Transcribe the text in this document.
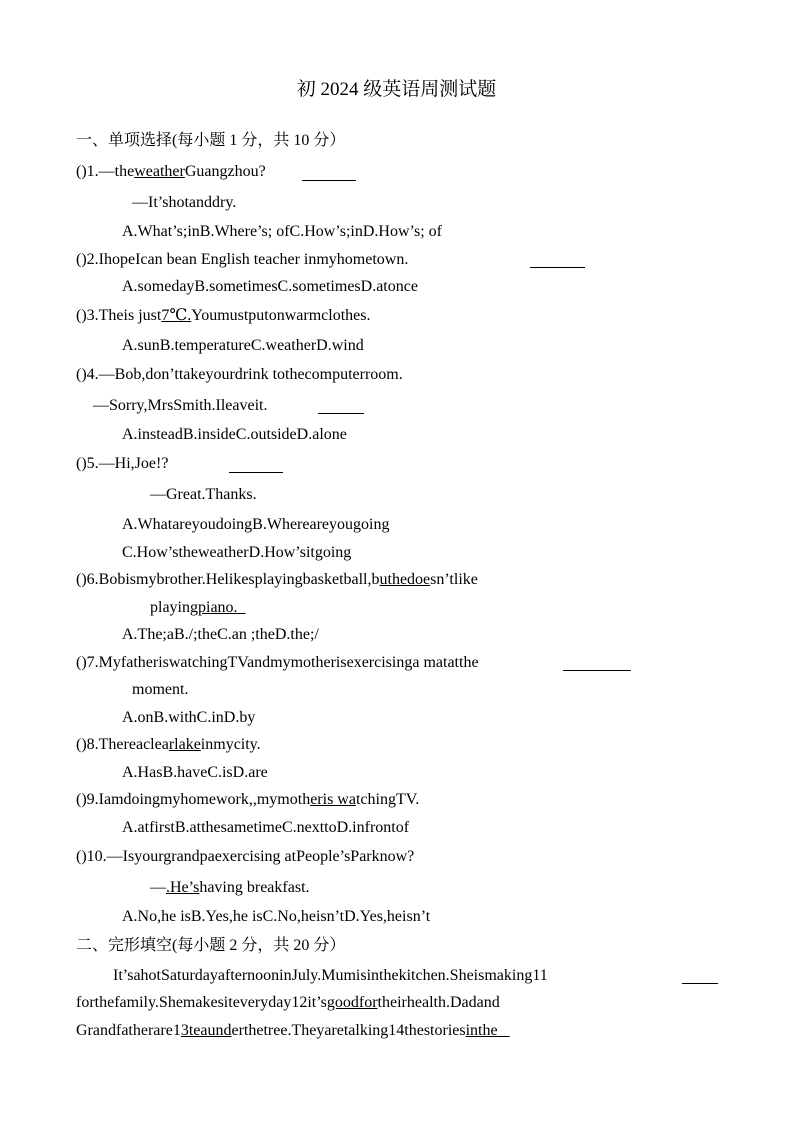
初 2024 级英语周测试题
一、单项选择(每小题 1 分，共 10 分）
()1.—theweatherGuangzhou?
—It’shotanddry.
A.What’s;inB.Where’s; ofC.How’s;inD.How’s; of
()2.IhopeIcan bean English teacher inmyhometown.
A.somedayB.sometimesC.sometimesD.atonce
()3.Theis just7℃.Youmustputonwarmclothes.
A.sunB.temperatureC.weatherD.wind
()4.—Bob,don’ttakeyourdrink tothecomputerroom.
—Sorry,MrsSmith.Ileaveit.
A.insteadB.insideC.outsideD.alone
()5.—Hi,Joe!?
—Great.Thanks.
A.WhatareyoudoingB.Whereareyougoing
C.How’stheweatherD.How’sitgoing
()6.Bobismybrother.Helikesplayingbasketball,buthedoesn’tlike
playingpiano.
A.The;aB./;theC.an ;theD.the;/
()7.MyfatheriswatchingTVandmymotherisexercisinga matatthe
moment.
A.onB.withC.inD.by
()8.Thereaclearlakeinmycity.
A.HasB.haveC.isD.are
()9.Iamdoingmyhomework,,mymotheris watchingTV.
A.atfirstB.atthesametimeC.nexttoD.infrontof
()10.—Isyourgrandpaexercising atPeople’sParknow?
—.He’shaving breakfast.
A.No,he isB.Yes,he isC.No,heisn’tD.Yes,heisn’t
二、完形填空(每小题 2 分，共 20 分）
It’sahotSaturdayafternooninJuly.Mumisinthekitchen.Sheismaking11
forthefamily.Shemakesiteveryday12it’sgoodfortheirhealth.Dadand
Grandfatherare13teaunderthetree.Theyaretalking14thestoriesinthe
